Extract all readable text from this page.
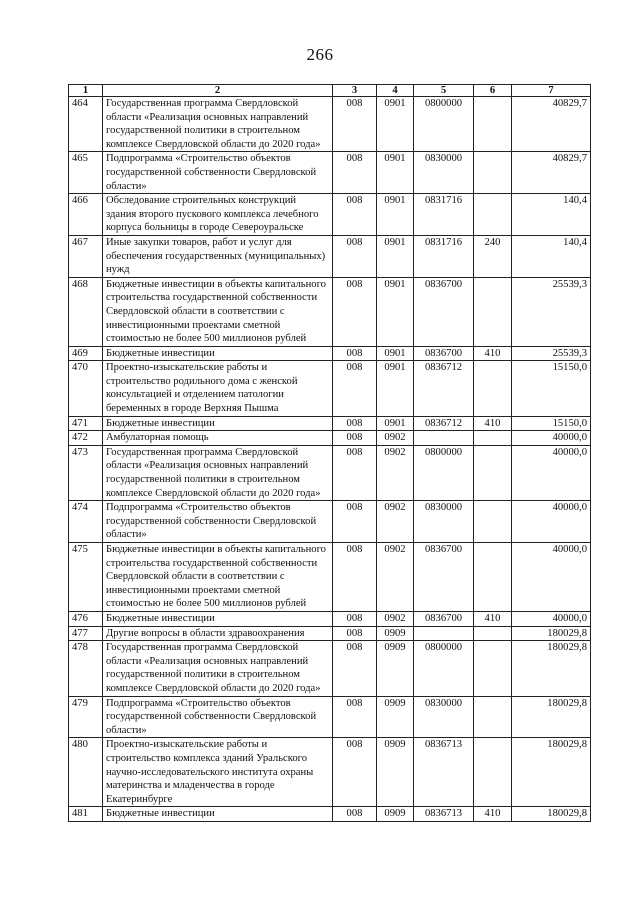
266
1	2	3	4	5	6	7
464	Государственная программа Свердловской области «Реализация основных направлений государственной политики в строительном комплексе Свердловской области до 2020 года»	008	0901	0800000		40829,7
465	Подпрограмма «Строительство объектов государственной собственности Свердловской области»	008	0901	0830000		40829,7
466	Обследование строительных конструкций здания второго пускового комплекса лечебного корпуса больницы в городе Североуральске	008	0901	0831716		140,4
467	Иные закупки товаров, работ и услуг для обеспечения государственных (муниципальных) нужд	008	0901	0831716	240	140,4
468	Бюджетные инвестиции в объекты капитального строительства государственной собственности Свердловской области в соответствии с инвестиционными проектами сметной стоимостью не более 500 миллионов рублей	008	0901	0836700		25539,3
469	Бюджетные инвестиции	008	0901	0836700	410	25539,3
470	Проектно-изыскательские работы и строительство родильного дома с женской консультацией и отделением патологии беременных в городе Верхняя Пышма	008	0901	0836712		15150,0
471	Бюджетные инвестиции	008	0901	0836712	410	15150,0
472	Амбулаторная помощь	008	0902			40000,0
473	Государственная программа Свердловской области «Реализация основных направлений государственной политики в строительном комплексе Свердловской области до 2020 года»	008	0902	0800000		40000,0
474	Подпрограмма «Строительство объектов государственной собственности Свердловской области»	008	0902	0830000		40000,0
475	Бюджетные инвестиции в объекты капитального строительства государственной собственности Свердловской области в соответствии с инвестиционными проектами сметной стоимостью не более 500 миллионов рублей	008	0902	0836700		40000,0
476	Бюджетные инвестиции	008	0902	0836700	410	40000,0
477	Другие вопросы в области здравоохранения	008	0909			180029,8
478	Государственная программа Свердловской области «Реализация основных направлений государственной политики в строительном комплексе Свердловской области до 2020 года»	008	0909	0800000		180029,8
479	Подпрограмма «Строительство объектов государственной собственности Свердловской области»	008	0909	0830000		180029,8
480	Проектно-изыскательские работы и строительство комплекса зданий Уральского научно-исследовательского института охраны материнства и младенчества в городе Екатеринбурге	008	0909	0836713		180029,8
481	Бюджетные инвестиции	008	0909	0836713	410	180029,8
